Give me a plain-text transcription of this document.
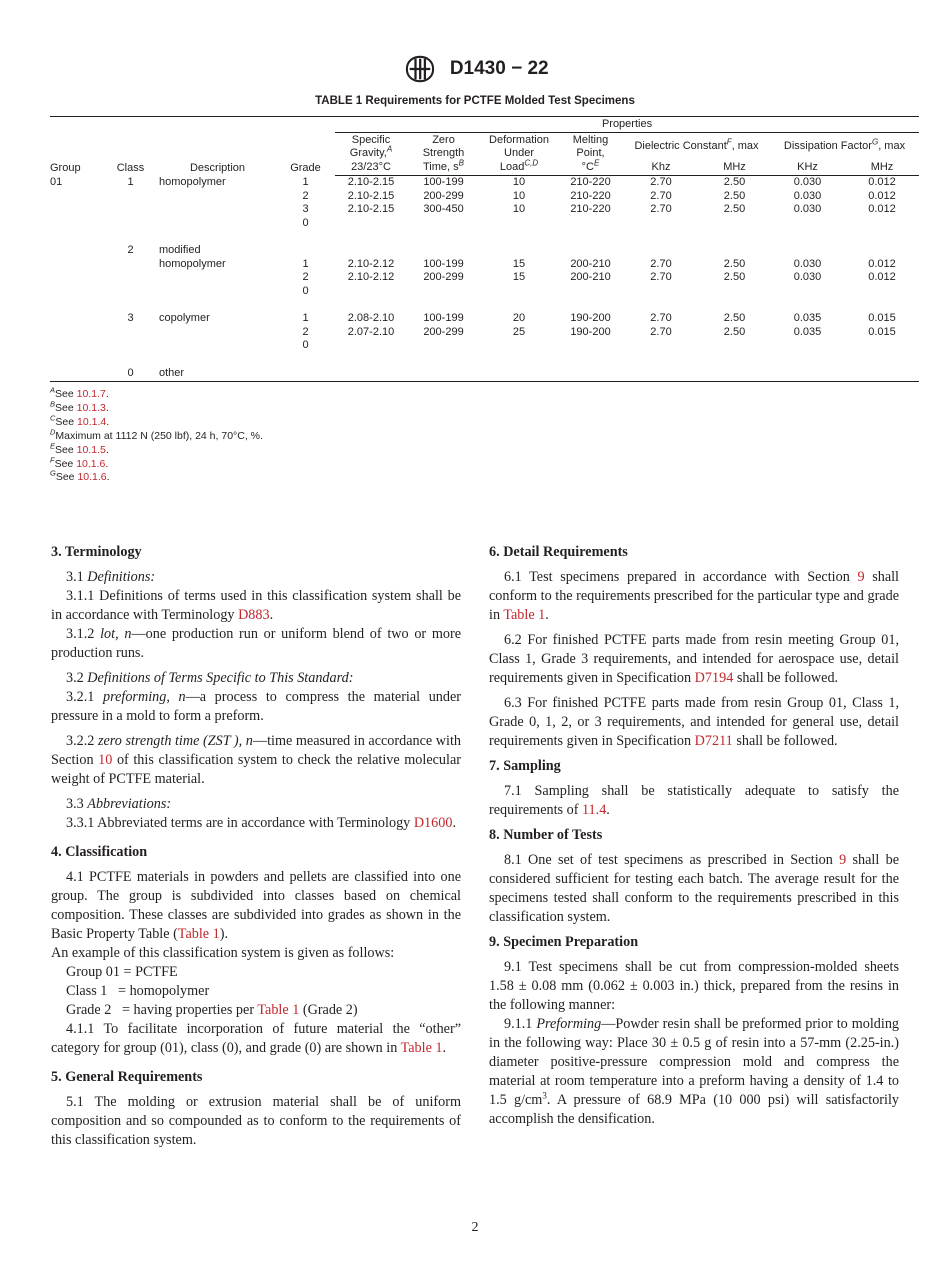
D1430 − 22
TABLE 1 Requirements for PCTFE Molded Test Specimens
				Properties							
				Specific	Zero	Deformation	Melting	Dielectric Constant$^F$, max		Dissipation Factor$^G$, max	
Group	Class	Description	Grade	Gravity,$^A$	Strength	Under	Point,				
				23/23°C	Time, $s^B$	Load$^{C,D}$	$^\circ C^E$	Khz	MHz	KHz	MHz
01	1	homopolymer	1	2.10-2.15	100-199	10	210-220	2.70	2.50	0.030	0.012
			2	2.10-2.15	200-299	10	210-220	2.70	2.50	0.030	0.012
			3	2.10-2.15	300-450	10	210-220	2.70	2.50	0.030	0.012
			0								

	2	modified									
		homopolymer	1	2.10-2.12	100-199	15	200-210	2.70	2.50	0.030	0.012
			2	2.10-2.12	200-299	15	200-210	2.70	2.50	0.030	0.012
			0								

	3	copolymer	1	2.08-2.10	100-199	20	190-200	2.70	2.50	0.035	0.015
			2	2.07-2.10	200-299	25	190-200	2.70	2.50	0.035	0.015
			0								

	0	other									
$^A$See 10.1.7.
$^B$See 10.1.3.
$^C$See 10.1.4.
$^D$Maximum at 1112 N (250 lbf), 24 h, 70°C, %.
$^E$See 10.1.5.
$^F$See 10.1.6.
$^G$See 10.1.6.

3. Terminology

3.1 Definitions:

3.1.1 Definitions of terms used in this classification system shall be in accordance with Terminology D883.

3.1.2 lot, n—one production run or uniform blend of two or more production runs.

3.2 Definitions of Terms Specific to This Standard:

3.2.1 preforming, n—a process to compress the material under pressure in a mold to form a preform.

3.2.2 zero strength time (ZST ), n—time measured in accordance with Section 10 of this classification system to check the relative molecular weight of PCTFE material.

3.3 Abbreviations:

3.3.1 Abbreviated terms are in accordance with Terminology D1600.

4. Classification

4.1 PCTFE materials in powders and pellets are classified into one group. The group is subdivided into classes based on chemical composition. These classes are subdivided into grades as shown in the Basic Property Table (Table 1).

An example of this classification system is given as follows:

Group 01 = PCTFE

Class 1   = homopolymer

Grade 2   = having properties per Table 1 (Grade 2)

4.1.1 To facilitate incorporation of future material the “other” category for group (01), class (0), and grade (0) are shown in Table 1.

5. General Requirements

5.1 The molding or extrusion material shall be of uniform composition and so compounded as to conform to the requirements of this classification system.

6. Detail Requirements

6.1 Test specimens prepared in accordance with Section 9 shall conform to the requirements prescribed for the particular type and grade in Table 1.

6.2 For finished PCTFE parts made from resin meeting Group 01, Class 1, Grade 3 requirements, and intended for aerospace use, detail requirements given in Specification D7194 shall be followed.

6.3 For finished PCTFE parts made from resin Group 01, Class 1, Grade 0, 1, 2, or 3 requirements, and intended for general use, detail requirements given in Specification D7211 shall be followed.

7. Sampling

7.1 Sampling shall be statistically adequate to satisfy the requirements of 11.4.

8. Number of Tests

8.1 One set of test specimens as prescribed in Section 9 shall be considered sufficient for testing each batch. The average result for the specimens tested shall conform to the requirements prescribed in this classification system.

9. Specimen Preparation

9.1 Test specimens shall be cut from compression-molded sheets 1.58 ± 0.08 mm (0.062 ± 0.003 in.) thick, prepared from the resins in the following manner:

9.1.1 Preforming—Powder resin shall be preformed prior to molding in the following way: Place 30 ± 0.5 g of resin into a 57-mm (2.25-in.) diameter positive-pressure compression mold and compress the material at room temperature into a preform having a density of 1.4 to 1.5 $g/cm^3$. A pressure of 68.9 MPa (10 000 psi) will satisfactorily accomplish the densification.

2
